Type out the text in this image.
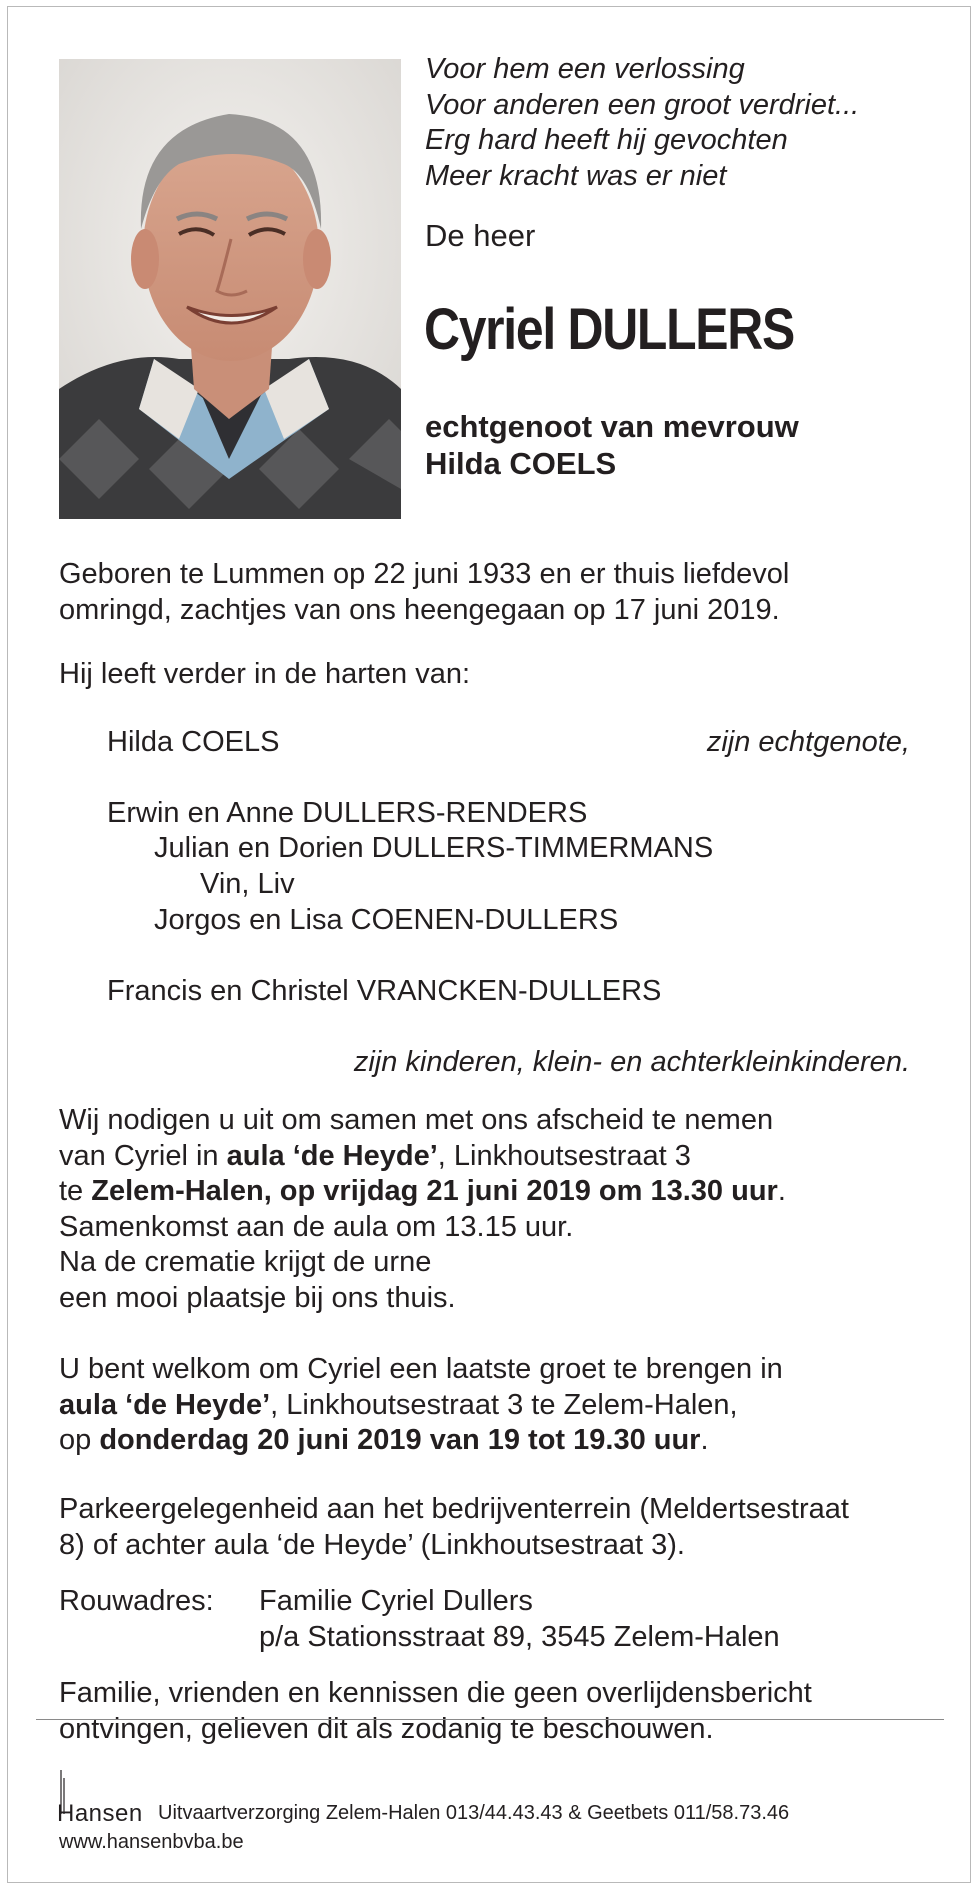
Voor hem een verlossing
Voor anderen een groot verdriet...
Erg hard heeft hij gevochten
Meer kracht was er niet
De heer
Cyriel DULLERS
echtgenoot van mevrouw
Hilda COELS
Geboren te Lummen op 22 juni 1933 en er thuis liefdevol
omringd, zachtjes van ons heengegaan op 17 juni 2019.
Hij leeft verder in de harten van:
Hilda COELS	zijn echtgenote,
Erwin en Anne DULLERS-RENDERS
Julian en Dorien DULLERS-TIMMERMANS
Vin, Liv
Jorgos en Lisa COENEN-DULLERS
Francis en Christel VRANCKEN-DULLERS
zijn kinderen, klein- en achterkleinkinderen.
Wij nodigen u uit om samen met ons afscheid te nemen
van Cyriel in aula ‘de Heyde’, Linkhoutsestraat 3
te Zelem-Halen, op vrijdag 21 juni 2019 om 13.30 uur.
Samenkomst aan de aula om 13.15 uur.
Na de crematie krijgt de urne
een mooi plaatsje bij ons thuis.
U bent welkom om Cyriel een laatste groet te brengen in
aula ‘de Heyde’, Linkhoutsestraat 3 te Zelem-Halen,
op donderdag 20 juni 2019 van 19 tot 19.30 uur.
Parkeergelegenheid aan het bedrijventerrein (Meldertsestraat
8) of achter aula ‘de Heyde’ (Linkhoutsestraat 3).
Rouwadres: Familie Cyriel Dullers
p/a Stationsstraat 89, 3545 Zelem-Halen
Familie, vrienden en kennissen die geen overlijdensbericht
ontvingen, gelieven dit als zodanig te beschouwen.
Hansen Uitvaartverzorging Zelem-Halen 013/44.43.43 & Geetbets 011/58.73.46
www.hansenbvba.be
